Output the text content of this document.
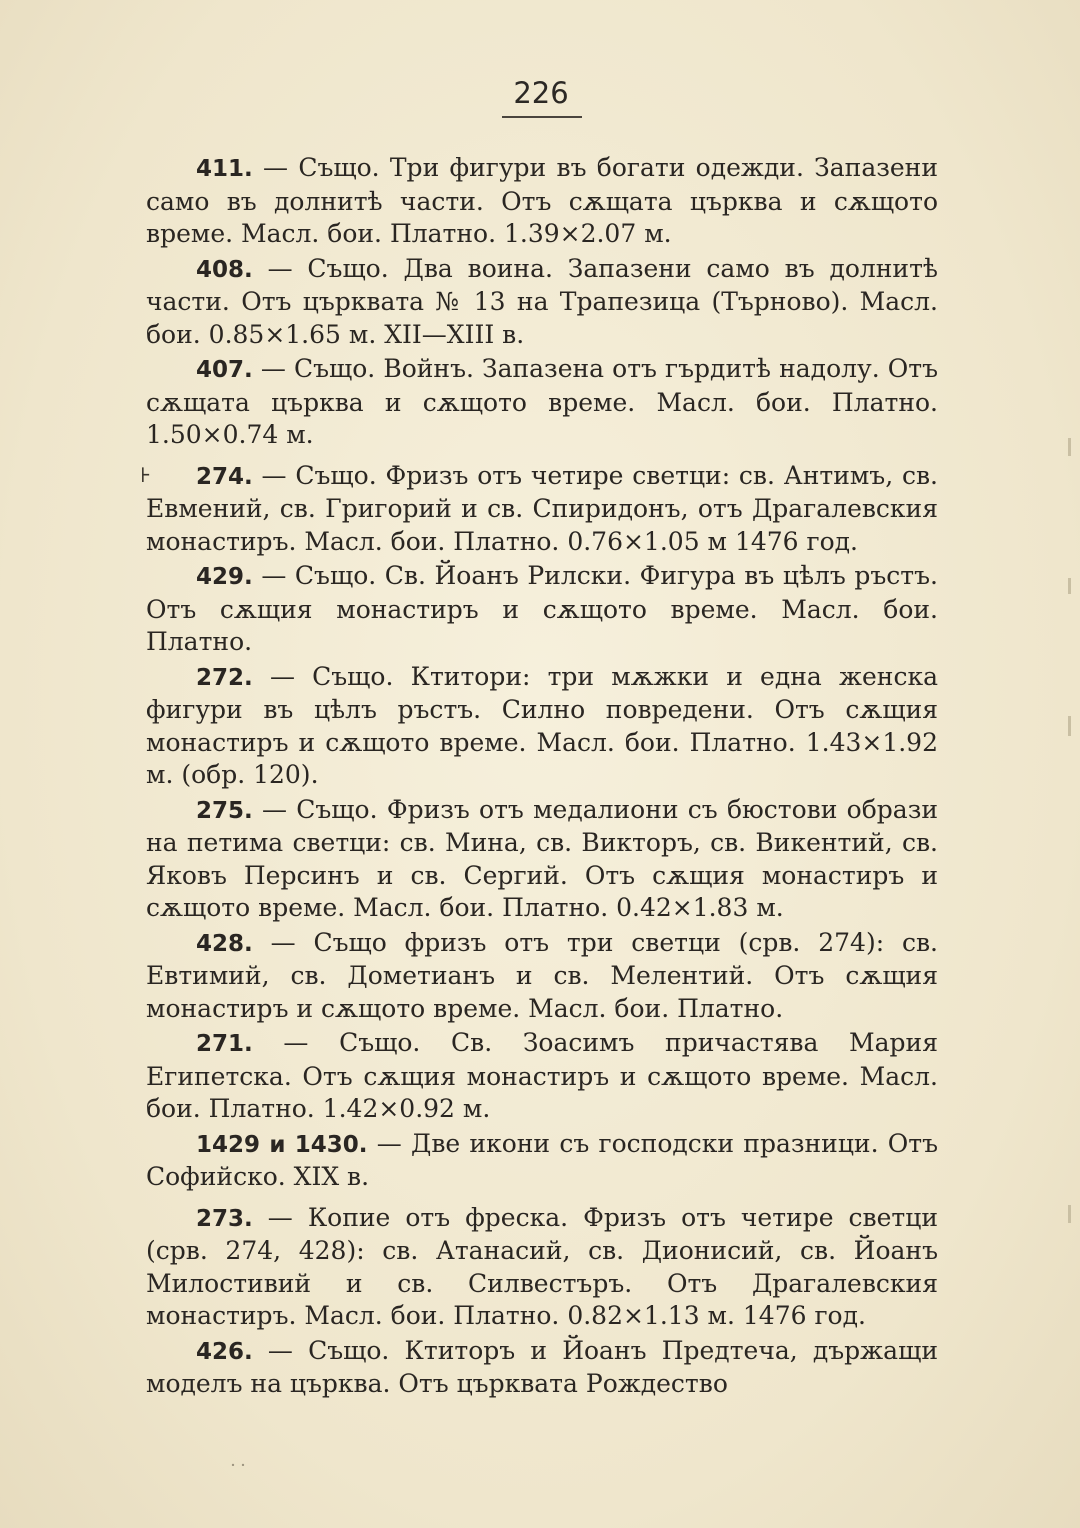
226
⊦

411. — Също. Три фигури въ богати одежди. Запазени само въ долнитѣ части. Отъ сѫщата църква и сѫщото време. Масл. бои. Платно. 1.39×2.07 м.

408. — Също. Два воина. Запазени само въ долнитѣ части. Отъ църквата № 13 на Трапезица (Търново). Масл. бои. 0.85×1.65 м. XII—XIII в.

407. — Също. Войнъ. Запазена отъ гърдитѣ надолу. Отъ сѫщата църква и сѫщото време. Масл. бои. Платно. 1.50×0.74 м.

274. — Също. Фризъ отъ четире светци: св. Антимъ, св. Евмений, св. Григорий и св. Спиридонъ, отъ Драгалевския монастиръ. Масл. бои. Платно. 0.76×1.05 м 1476 год.

429. — Също. Св. Йоанъ Рилски. Фигура въ цѣлъ ръстъ. Отъ сѫщия монастиръ и сѫщото време. Масл. бои. Платно.

272. — Също. Ктитори: три мѫжки и една женска фигури въ цѣлъ ръстъ. Силно повредени. Отъ сѫщия монастиръ и сѫщото време. Масл. бои. Платно. 1.43×1.92 м. (обр. 120).

275. — Също. Фризъ отъ медалиони съ бюстови образи на петима светци: св. Мина, св. Викторъ, св. Викентий, св. Яковъ Персинъ и св. Сергий. Отъ сѫщия монастиръ и сѫщото време. Масл. бои. Платно. 0.42×1.83 м.

428. — Също фризъ отъ три светци (срв. 274): св. Евтимий, св. Дометианъ и св. Мелентий. Отъ сѫщия монастиръ и сѫщото време. Масл. бои. Платно.

271. — Също. Св. Зоасимъ причастява Мария Египетска. Отъ сѫщия монастиръ и сѫщото време. Масл. бои. Платно. 1.42×0.92 м.

1429 и 1430. — Две икони съ господски празници. Отъ Софийско. XIX в.

273. — Копие отъ фреска. Фризъ отъ четире светци (срв. 274, 428): св. Атанасий, св. Дионисий, св. Йоанъ Милостивий и св. Силвестъръ. Отъ Драгалевския монастиръ. Масл. бои. Платно. 0.82×1.13 м. 1476 год.

426. — Също. Ктиторъ и Йоанъ Предтеча, държащи моделъ на църква. Отъ църквата Рождество

˙˙
